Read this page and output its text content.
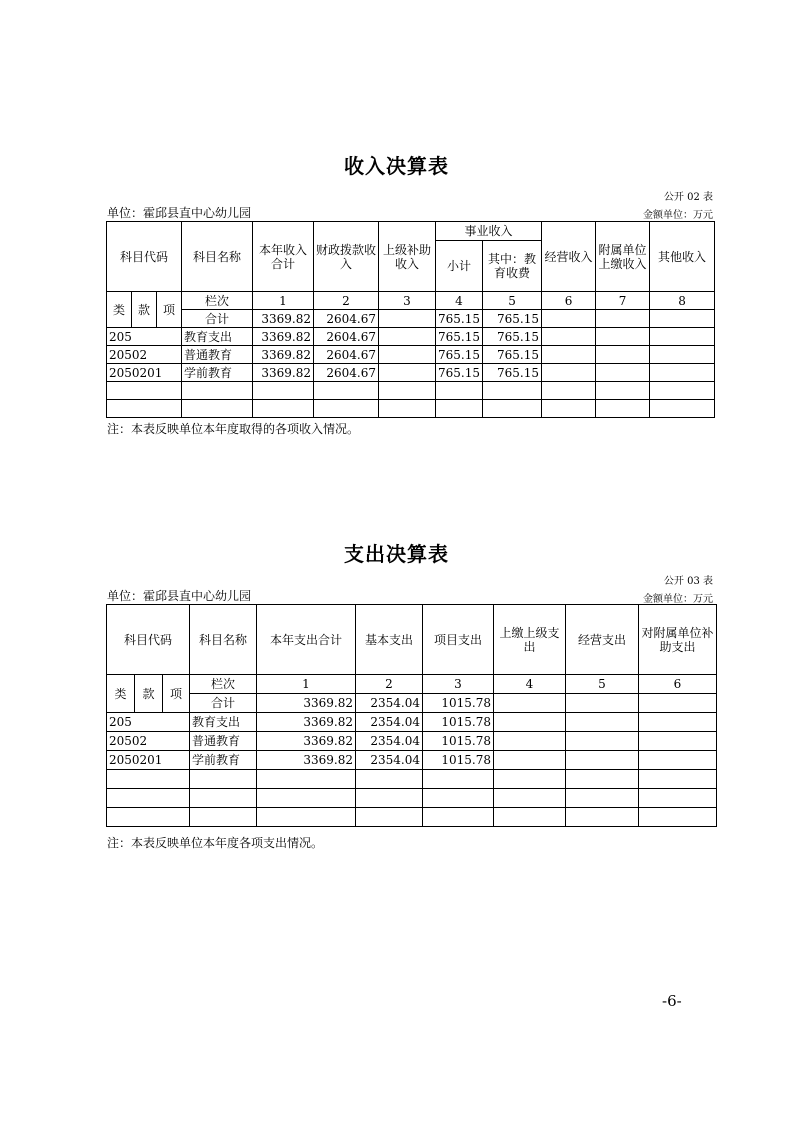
收入决算表
公开 02 表
单位：霍邱县直中心幼儿园	金额单位：万元
科目代码			科目名称	本年收入合计	财政拨款收入	上级补助收入	事业收入		经营收入	附属单位上缴收入	其他收入
							小计	其中：教育收费			
类	款	项	栏次	1	2	3	4	5	6	7	8
			合计	3369.82	2604.67		765.15	765.15			
205			教育支出	3369.82	2604.67		765.15	765.15			
20502			普通教育	3369.82	2604.67		765.15	765.15			
2050201			学前教育	3369.82	2604.67		765.15	765.15			

注：本表反映单位本年度取得的各项收入情况。
支出决算表
公开 03 表
单位：霍邱县直中心幼儿园	金额单位：万元
科目代码			科目名称	本年支出合计	基本支出	项目支出	上缴上级支出	经营支出	对附属单位补助支出
类	款	项	栏次	1	2	3	4	5	6
			合计	3369.82	2354.04	1015.78			
205			教育支出	3369.82	2354.04	1015.78			
20502			普通教育	3369.82	2354.04	1015.78			
2050201			学前教育	3369.82	2354.04	1015.78			

注：本表反映单位本年度各项支出情况。
-6-
